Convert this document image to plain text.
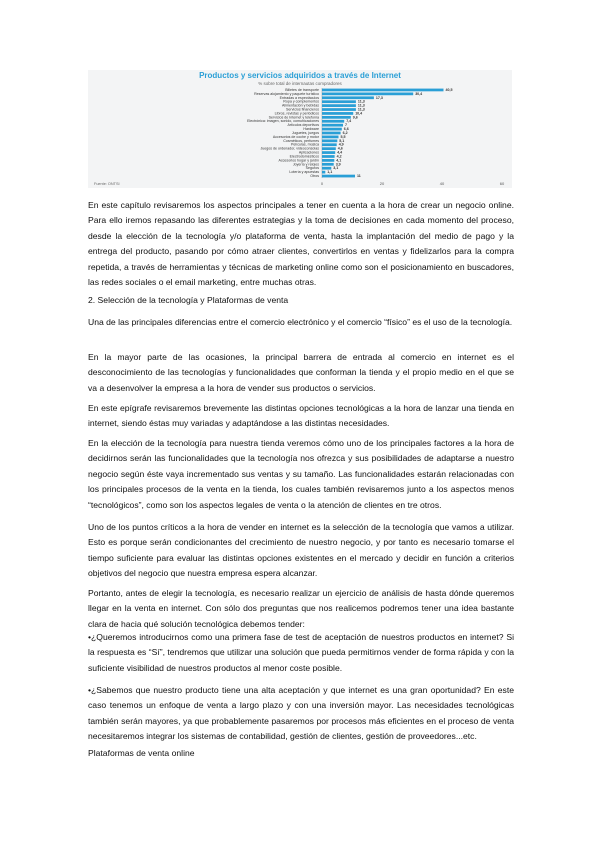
Productos y servicios adquiridos a través de Internet
% sobre total de internautas compradores
Billetes de transporte	40,5
Reservas alojamiento y paquete turístico	30,4
Entradas a espectáculos	17,3
Ropa y complementos	11,3
Alimentación y bebidas	11,3
Servicios financieros	11,3
Libros, revistas y periódicos	10,4
Servicios de Internet y telefonía	9,6
Electrónica: imagen, sonido, comunicaciones	7,4
Artículos deportivos	7
Hardware	6,6
Juguetes, juegos	6,2
Accesorios de coche y motor	5,5
Cosméticos, perfumes	5,1
Películas, música	4,9
Juegos de ordenador, videoconsolas	4,6
Aplicaciones	4,4
Electrodomésticos	4,2
Accesorios hogar y jardín	4,1
Joyería y relojes	3,9
Seguros	3,1
Lotería y apuestas 1,1
Otros	11
0	20	40	60
Fuente: ONTSI

En este capítulo revisaremos los aspectos principales a tener en cuenta a la hora de crear un negocio online. Para ello iremos repasando las diferentes estrategias y la toma de decisiones en cada momento del proceso, desde la elección de la tecnología y/o plataforma de venta, hasta la implantación del medio de pago y la entrega del producto, pasando por cómo atraer clientes, convertirlos en ventas y fidelizarlos para la compra repetida, a través de herramientas y técnicas de marketing online como son el posicionamiento en buscadores, las redes sociales o el email marketing, entre muchas otras.

2. Selección de la tecnología y Plataformas de venta

Una de las principales diferencias entre el comercio electrónico y el comercio “físico” es el uso de la tecnología.

En la mayor parte de las ocasiones, la principal barrera de entrada al comercio en internet es el desconocimiento de las tecnologías y funcionalidades que conforman la tienda y el propio medio en el que se va a desenvolver la empresa a la hora de vender sus productos o servicios.

En este epígrafe revisaremos brevemente las distintas opciones tecnológicas a la hora de lanzar una tienda en internet, siendo éstas muy variadas y adaptándose a las distintas necesidades.

En la elección de la tecnología para nuestra tienda veremos cómo uno de los principales factores a la hora de decidirnos serán las funcionalidades que la tecnología nos ofrezca y sus posibilidades de adaptarse a nuestro negocio según éste vaya incrementado sus ventas y su tamaño. Las funcionalidades estarán relacionadas con los principales procesos de la venta en la tienda, los cuales también revisaremos junto a los aspectos menos “tecnológicos”, como son los aspectos legales de venta o la atención de clientes en tre otros.

Uno de los puntos críticos a la hora de vender en internet es la selección de la tecnología que vamos a utilizar. Esto es porque serán condicionantes del crecimiento de nuestro negocio, y por tanto es necesario tomarse el tiempo suficiente para evaluar las distintas opciones existentes en el mercado y decidir en función a criterios objetivos del negocio que nuestra empresa espera alcanzar.

Portanto, antes de elegir la tecnología, es necesario realizar un ejercicio de análisis de hasta dónde queremos llegar en la venta en internet. Con sólo dos preguntas que nos realicemos podremos tener una idea bastante clara de hacia qué solución tecnológica debemos tender:

•¿Queremos introducirnos como una primera fase de test de aceptación de nuestros productos en internet? Si la respuesta es “Sí”, tendremos que utilizar una solución que pueda permitirnos vender de forma rápida y con la suficiente visibilidad de nuestros productos al menor coste posible.

•¿Sabemos que nuestro producto tiene una alta aceptación y que internet es una gran oportunidad? En este caso tenemos un enfoque de venta a largo plazo y con una inversión mayor. Las necesidades tecnológicas también serán mayores, ya que probablemente pasaremos por procesos más eficientes en el proceso de venta necesitaremos integrar los sistemas de contabilidad, gestión de clientes, gestión de proveedores...etc.

Plataformas de venta online
